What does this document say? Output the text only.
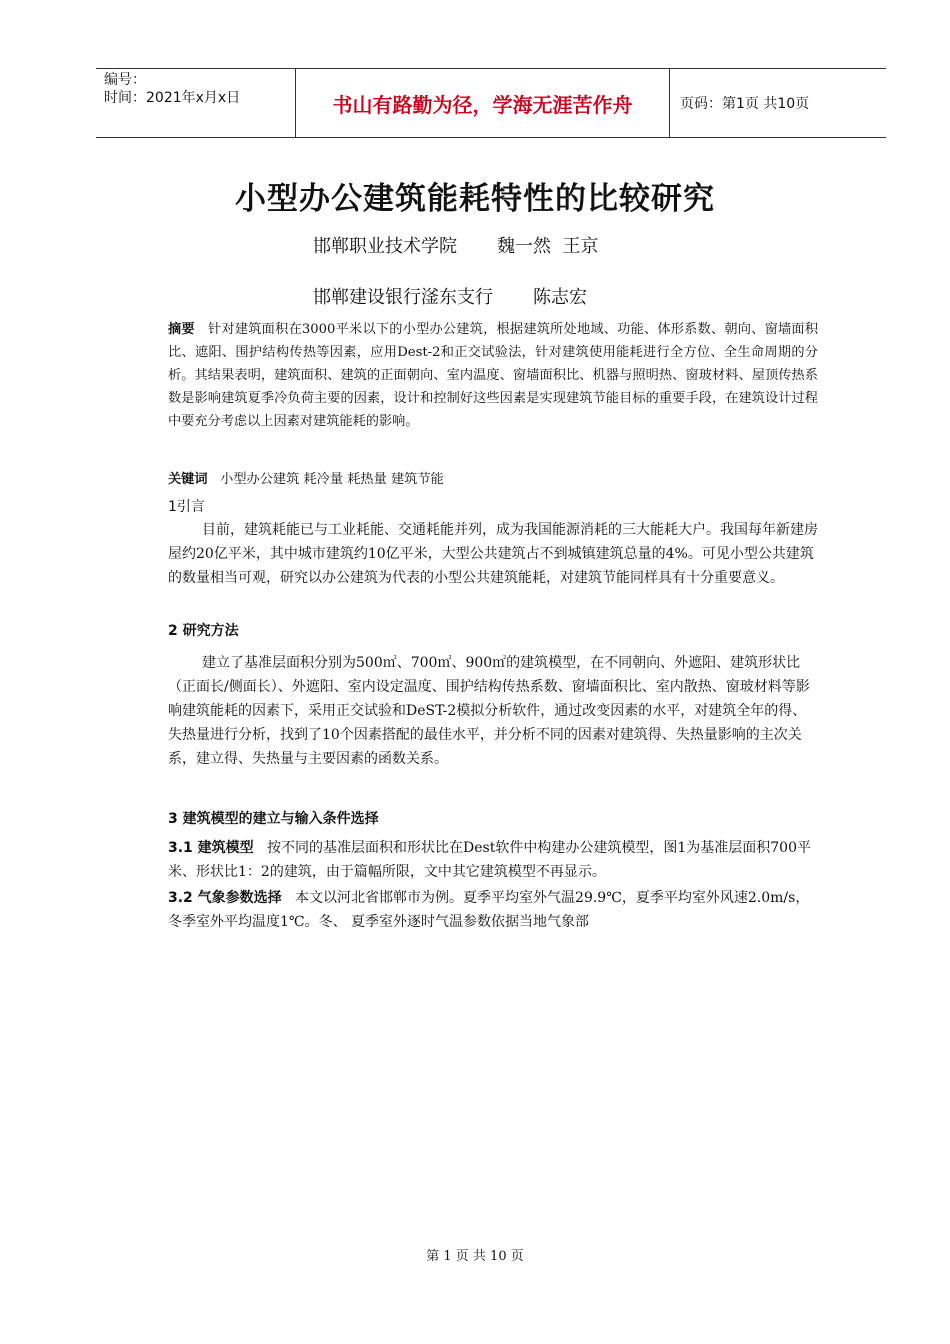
编号：
时间：2021年x月x日	书山有路勤为径，学海无涯苦作舟	页码：第1页 共10页
小型办公建筑能耗特性的比较研究
邯郸职业技术学院       魏一然  王京
邯郸建设银行滏东支行       陈志宏
摘要 针对建筑面积在3000平米以下的小型办公建筑，根据建筑所处地域、功能、体形系数、朝向、窗墙面积比、遮阳、围护结构传热等因素，应用Dest-2和正交试验法，针对建筑使用能耗进行全方位、全生命周期的分析。其结果表明，建筑面积、建筑的正面朝向、室内温度、窗墙面积比、机器与照明热、窗玻材料、屋顶传热系数是影响建筑夏季冷负荷主要的因素，设计和控制好这些因素是实现建筑节能目标的重要手段，在建筑设计过程中要充分考虑以上因素对建筑能耗的影响。
关键词 小型办公建筑 耗冷量 耗热量 建筑节能
1引言
目前，建筑耗能已与工业耗能、交通耗能并列，成为我国能源消耗的三大能耗大户。我国每年新建房屋约20亿平米，其中城市建筑约10亿平米，大型公共建筑占不到城镇建筑总量的4%。可见小型公共建筑的数量相当可观，研究以办公建筑为代表的小型公共建筑能耗，对建筑节能同样具有十分重要意义。
2 研究方法
建立了基准层面积分别为500㎡、700㎡、900㎡的建筑模型，在不同朝向、外遮阳、建筑形状比（正面长/侧面长）、外遮阳、室内设定温度、围护结构传热系数、窗墙面积比、室内散热、窗玻材料等影响建筑能耗的因素下，采用正交试验和DeST-2模拟分析软件，通过改变因素的水平，对建筑全年的得、失热量进行分析，找到了10个因素搭配的最佳水平，并分析不同的因素对建筑得、失热量影响的主次关系，建立得、失热量与主要因素的函数关系。
3 建筑模型的建立与输入条件选择
3.1 建筑模型 按不同的基准层面积和形状比在Dest软件中构建办公建筑模型，图1为基准层面积700平米、形状比1：2的建筑，由于篇幅所限，文中其它建筑模型不再显示。
3.2 气象参数选择 本文以河北省邯郸市为例。夏季平均室外气温29.9℃，夏季平均室外风速2.0m/s，冬季室外平均温度1℃。冬、 夏季室外逐时气温参数依据当地气象部
第 1 页 共 10 页
